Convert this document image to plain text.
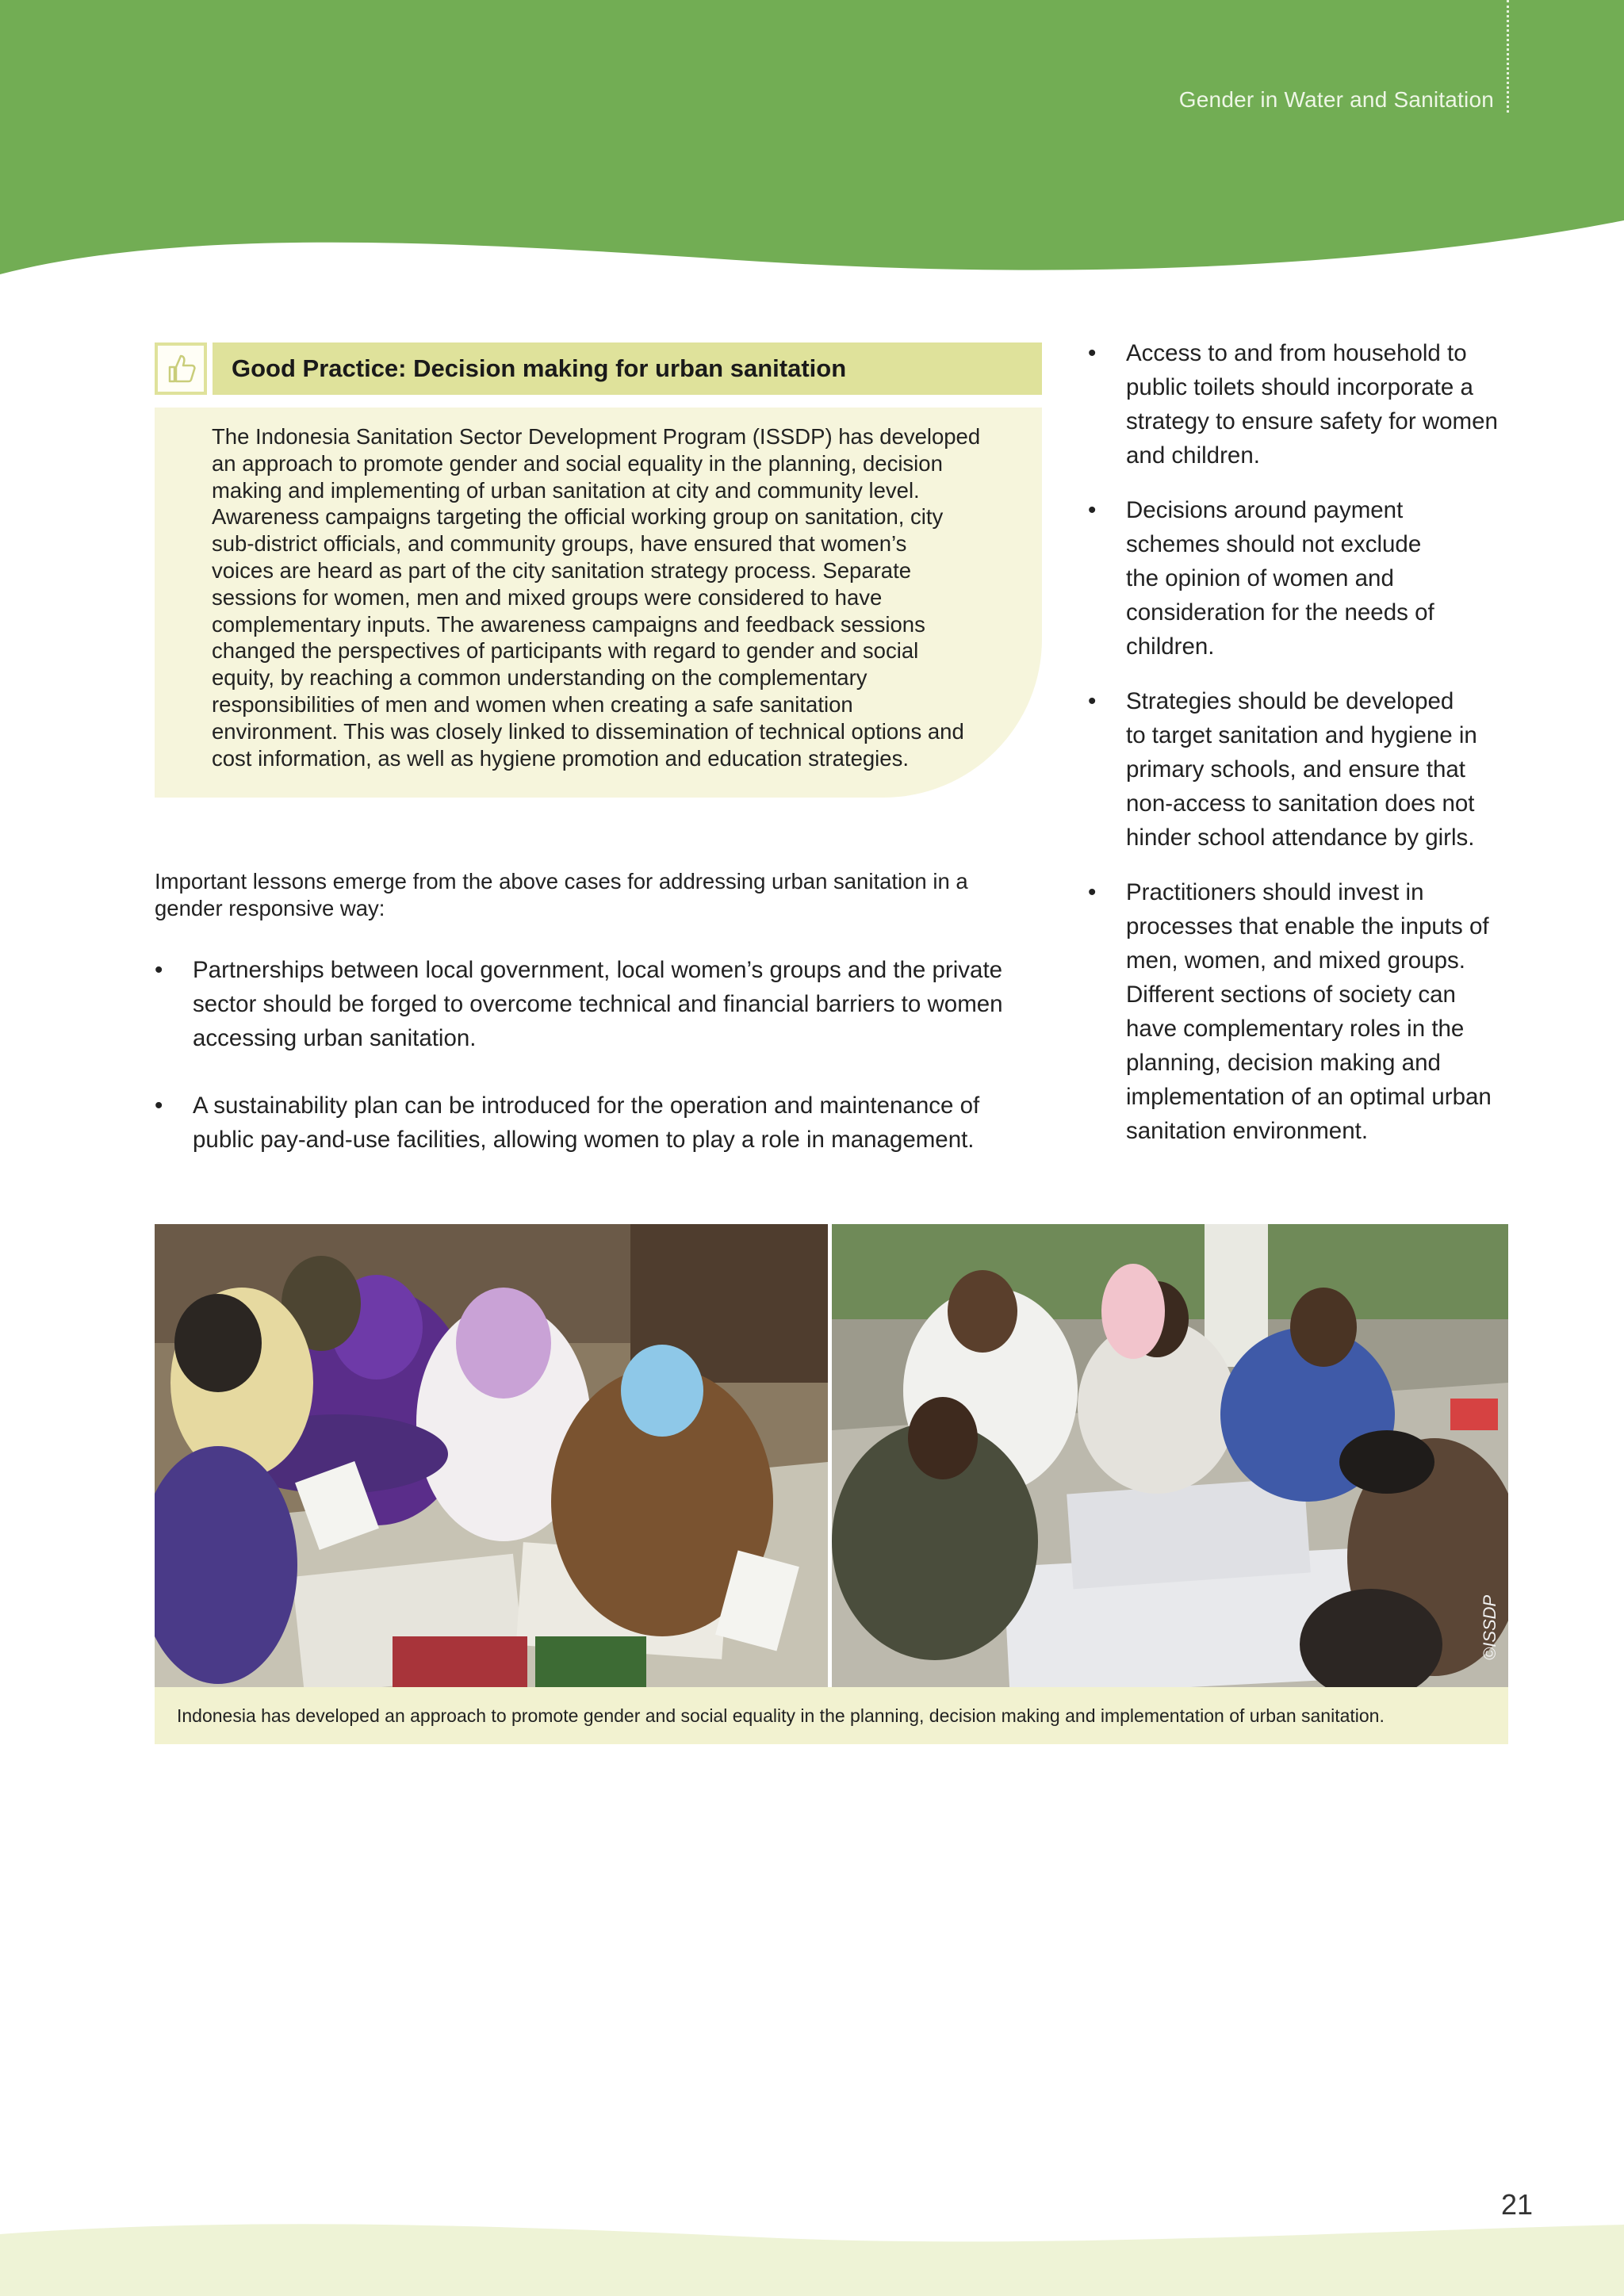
Gender in Water and Sanitation
Good Practice: Decision making for urban sanitation

The Indonesia Sanitation Sector Development Program (ISSDP) has developed
an approach to promote gender and social equality in the planning, decision
making and implementing of urban sanitation at city and community level.
Awareness campaigns targeting the official working group on sanitation, city
sub-district officials, and community groups, have ensured that women’s
voices are heard as part of the city sanitation strategy process. Separate
sessions for women, men and mixed groups were considered to have
complementary inputs. The awareness campaigns and feedback sessions
changed the perspectives of participants with regard to gender and social
equity, by reaching a common understanding on the complementary
responsibilities of men and women when creating a safe sanitation
environment. This was closely linked to dissemination of technical options and
cost information, as well as hygiene promotion and education strategies.

Important lessons emerge from the above cases for addressing urban sanitation in a
gender responsive way:

• Partnerships between local government, local women’s groups and the private
sector should be forged to overcome technical and financial barriers to women
accessing urban sanitation.
• A sustainability plan can be introduced for the operation and maintenance of
public pay-and-use facilities, allowing women to play a role in management.
• Access to and from household to
public toilets should incorporate a
strategy to ensure safety for women
and children.
• Decisions around payment
schemes should not exclude
the opinion of women and
consideration for the needs of
children.
• Strategies should be developed
to target sanitation and hygiene in
primary schools, and ensure that
non-access to sanitation does not
hinder school attendance by girls.
• Practitioners should invest in
processes that enable the inputs of
men, women, and mixed groups.
Different sections of society can
have complementary roles in the
planning, decision making and
implementation of an optimal urban
sanitation environment.
©ISSDP
Indonesia has developed an approach to promote gender and social equality in the planning, decision making and implementation of urban sanitation.
21
